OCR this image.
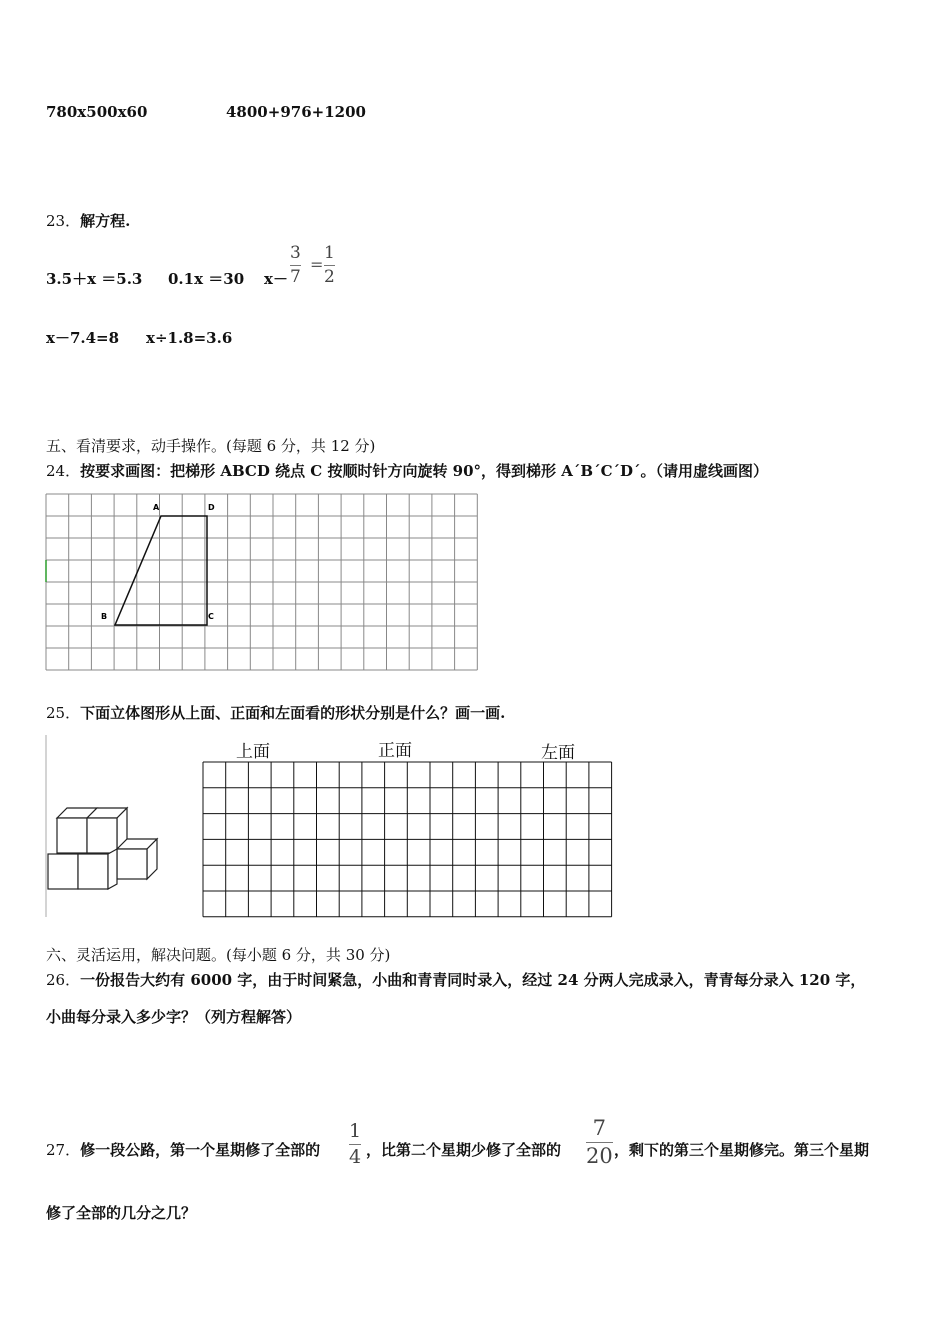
780x500x60	4800+976+1200
23．解方程.
3.5＋x ＝5.3 0.1x ＝30 x－
3
7
=
1
2
x－7.4=8 x÷1.8=3.6
五、看清要求，动手操作。(每题 6 分，共 12 分)
24．按要求画图：把梯形 ABCD 绕点 C 按顺时针方向旋转 90°，得到梯形 A´B´C´D´。（请用虚线画图）
A	D
B	C
25．下面立体图形从上面、正面和左面看的形状分别是什么？画一画.
上面	正面	左面
六、灵活运用，解决问题。(每小题 6 分，共 30 分)
26．一份报告大约有 6000 字，由于时间紧急，小曲和青青同时录入，经过 24 分两人完成录入，青青每分录入 120 字，
小曲每分录入多少字？（列方程解答）
27．修一段公路，第一个星期修了全部的
1
4 ，比第二个星期少修了全部的
7
20 ，剩下的第三个星期修完。第三个星期
修了全部的几分之几？
